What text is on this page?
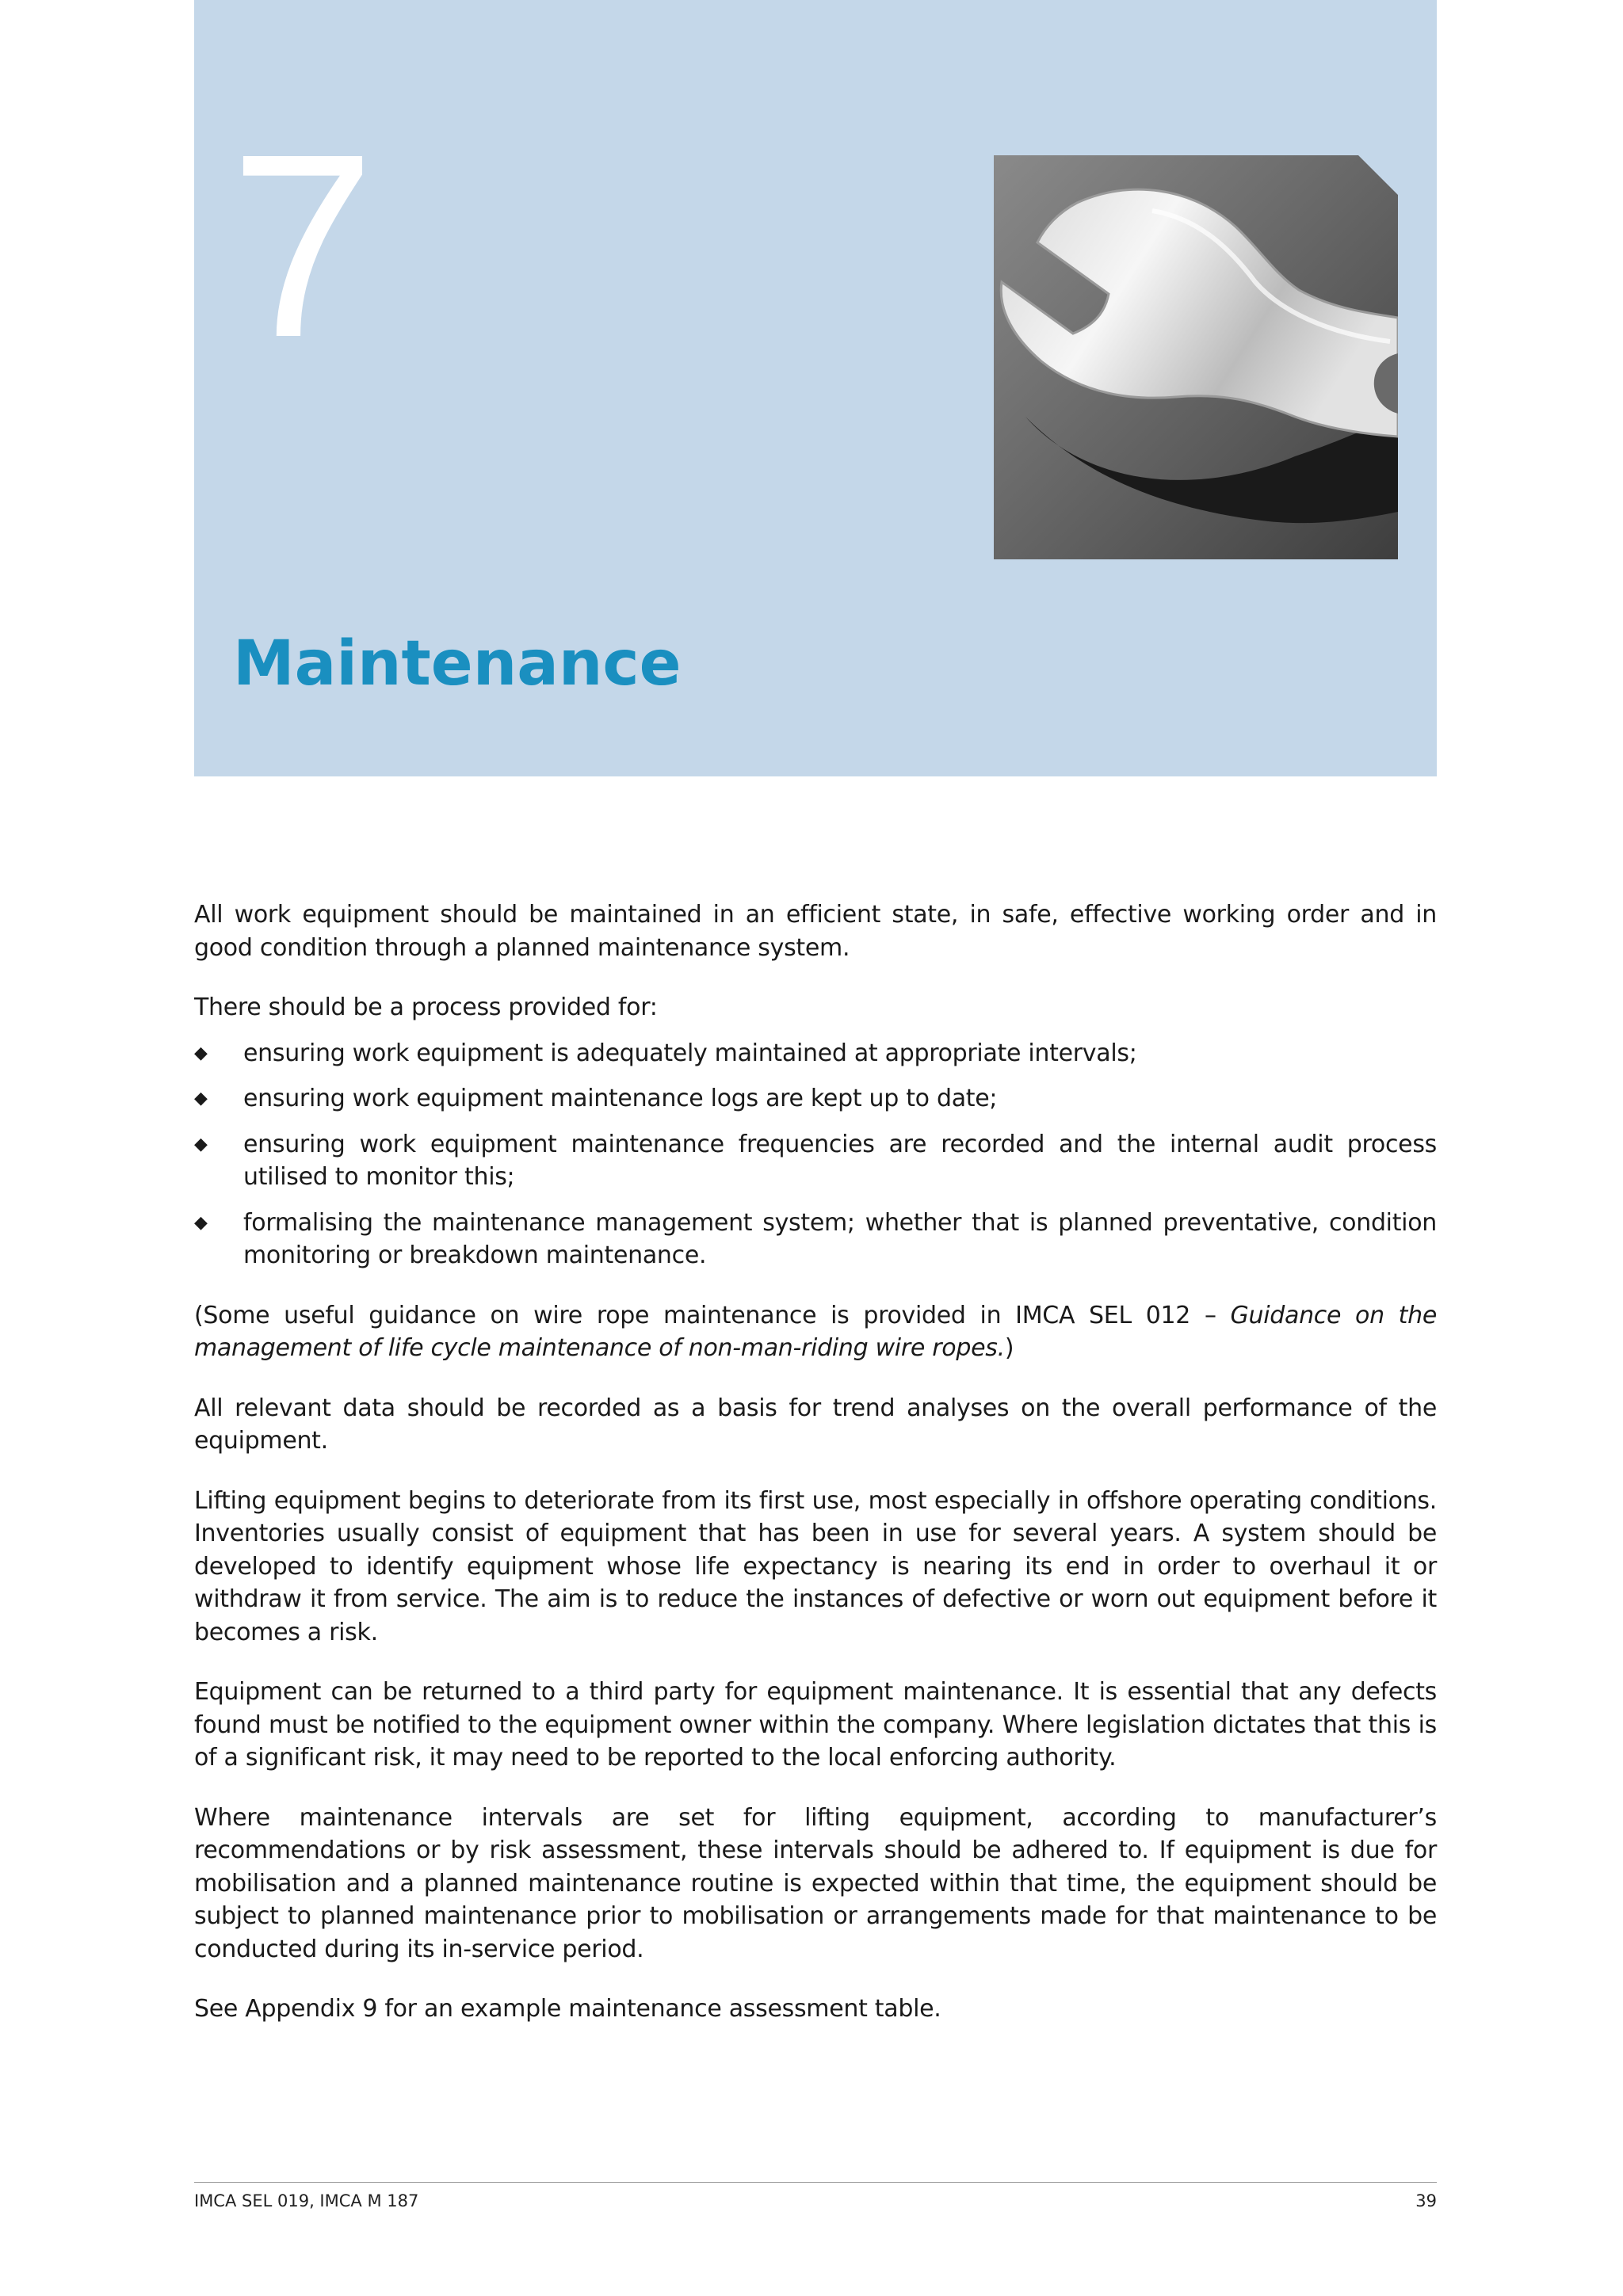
7
Maintenance

All work equipment should be maintained in an efficient state, in safe, effective working order and in good condition through a planned maintenance system.

There should be a process provided for:

◆ ensuring work equipment is adequately maintained at appropriate intervals;
◆ ensuring work equipment maintenance logs are kept up to date;
◆ ensuring work equipment maintenance frequencies are recorded and the internal audit process utilised to monitor this;
◆ formalising the maintenance management system; whether that is planned preventative, condition monitoring or breakdown maintenance.

(Some useful guidance on wire rope maintenance is provided in IMCA SEL 012 – Guidance on the management of life cycle maintenance of non-man-riding wire ropes.)

All relevant data should be recorded as a basis for trend analyses on the overall performance of the equipment.

Lifting equipment begins to deteriorate from its first use, most especially in offshore operating conditions. Inventories usually consist of equipment that has been in use for several years. A system should be developed to identify equipment whose life expectancy is nearing its end in order to overhaul it or withdraw it from service. The aim is to reduce the instances of defective or worn out equipment before it becomes a risk.

Equipment can be returned to a third party for equipment maintenance. It is essential that any defects found must be notified to the equipment owner within the company. Where legislation dictates that this is of a significant risk, it may need to be reported to the local enforcing authority.

Where maintenance intervals are set for lifting equipment, according to manufacturer’s recommendations or by risk assessment, these intervals should be adhered to. If equipment is due for mobilisation and a planned maintenance routine is expected within that time, the equipment should be subject to planned maintenance prior to mobilisation or arrangements made for that maintenance to be conducted during its in-service period.

See Appendix 9 for an example maintenance assessment table.

IMCA SEL 019, IMCA M 187	39
